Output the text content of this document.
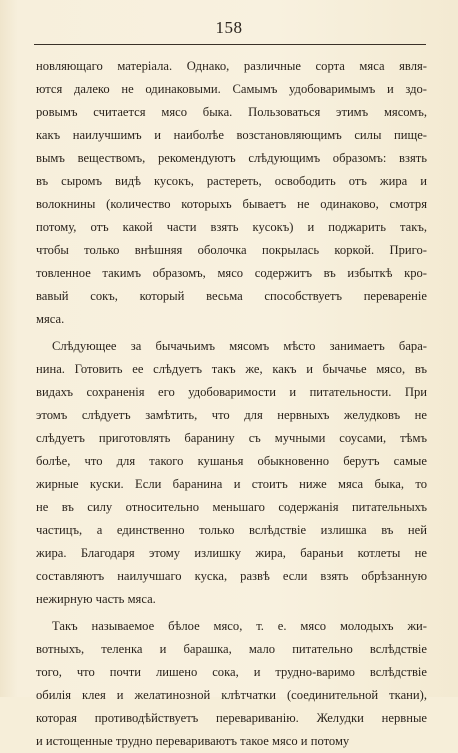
158
новляющаго матеріала. Однако, различные сорта мяса явля-
ются далеко не одинаковыми. Самымъ удобоваримымъ и здо-
ровымъ считается мясо быка. Пользоваться этимъ мясомъ,
какъ наилучшимъ и наиболѣе возстановляющимъ силы пище-
вымъ веществомъ, рекомендуютъ слѣдующимъ образомъ: взять
въ сыромъ видѣ кусокъ, растереть, освободить отъ жира и
волокнины (количество которыхъ бываетъ не одинаково, смотря
потому, отъ какой части взять кусокъ) и поджарить такъ,
чтобы только внѣшняя оболочка покрылась коркой. Приго-
товленное такимъ образомъ, мясо содержитъ въ избыткѣ кро-
вавый сокъ, который весьма способствуетъ перевареніе
мяса.
Слѣдующее за бычачьимъ мясомъ мѣсто занимаетъ бара-
нина. Готовить ее слѣдуетъ такъ же, какъ и бычачье мясо, въ
видахъ сохраненія его удобоваримости и питательности. При
этомъ слѣдуетъ замѣтить, что для нервныхъ желудковъ не
слѣдуетъ приготовлять баранину съ мучными соусами, тѣмъ
болѣе, что для такого кушанья обыкновенно берутъ самые
жирные куски. Если баранина и стоитъ ниже мяса быка, то
не въ силу относительно меньшаго содержанія питательныхъ
частицъ, а единственно только вслѣдствіе излишка въ ней
жира. Благодаря этому излишку жира, бараньи котлеты не
составляютъ наилучшаго куска, развѣ если взять обрѣзанную
нежирную часть мяса.
Такъ называемое бѣлое мясо, т. е. мясо молодыхъ жи-
вотныхъ, теленка и барашка, мало питательно вслѣдствіе
того, что почти лишено сока, и трудно-варимо вслѣдствіе
обилія клея и желатинозной клѣтчатки (соединительной ткани),
которая противодѣйствуетъ перевариванію. Желудки нервные
и истощенные трудно перевариваютъ такое мясо и потому
